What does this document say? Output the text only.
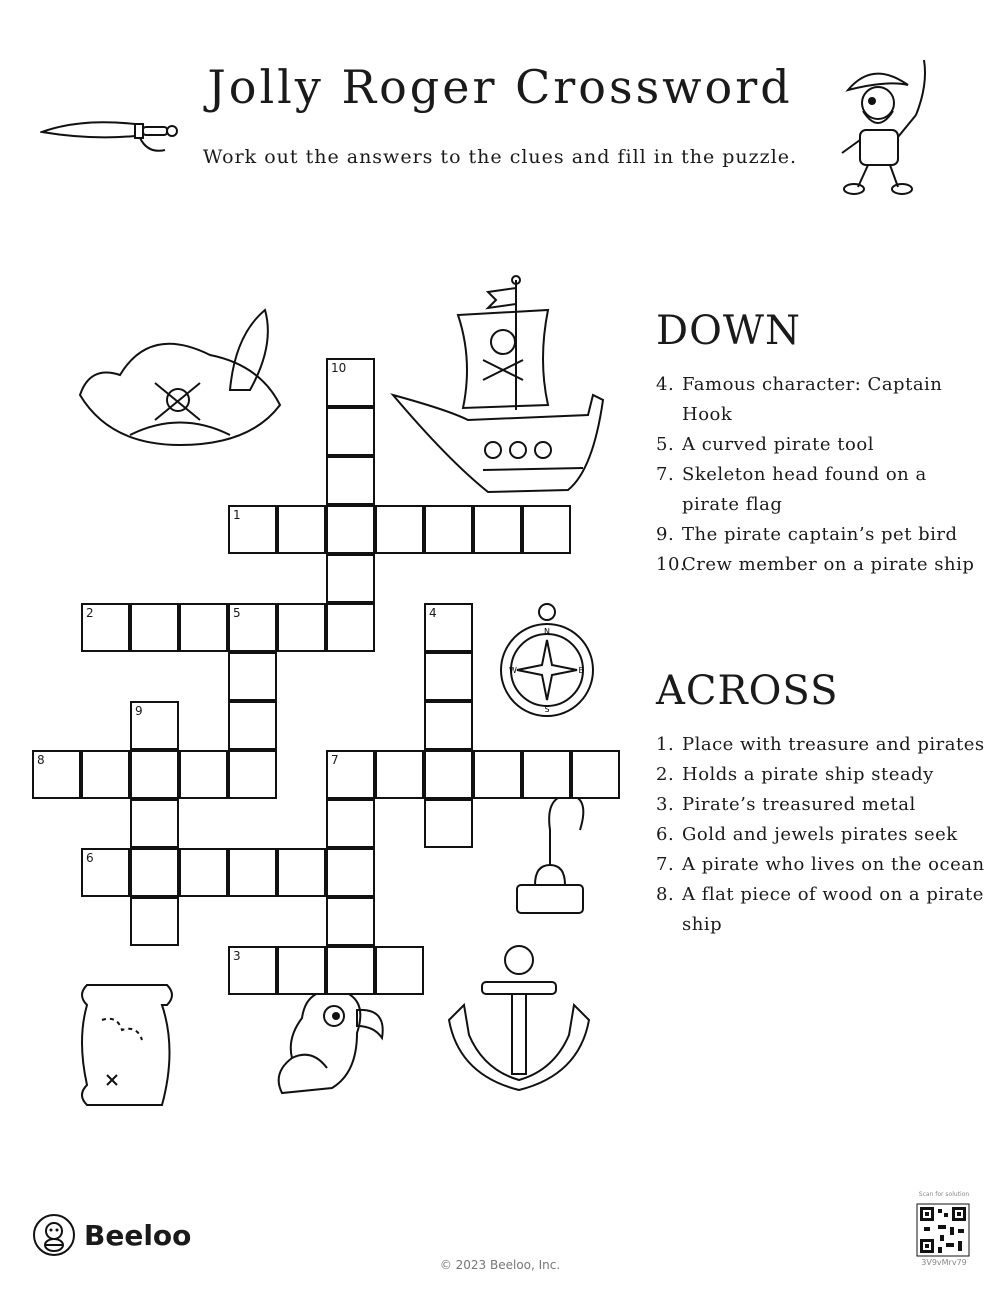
Jolly Roger Crossword
Work out the answers to the clues and fill in the puzzle.
N
E
S
W
10
1
2	5	4
9
8	7
6
3
DOWN
4. Famous character: Captain Hook
5. A curved pirate tool
7. Skeleton head found on a pirate flag
9. The pirate captain’s pet bird
10.Crew member on a pirate ship
ACROSS
1. Place with treasure and pirates
2. Holds a pirate ship steady
3. Pirate’s treasured metal
6. Gold and jewels pirates seek
7. A pirate who lives on the ocean
8. A flat piece of wood on a pirate ship
Beeloo
© 2023 Beeloo, Inc.
Scan for solution
3V9vMrv79
